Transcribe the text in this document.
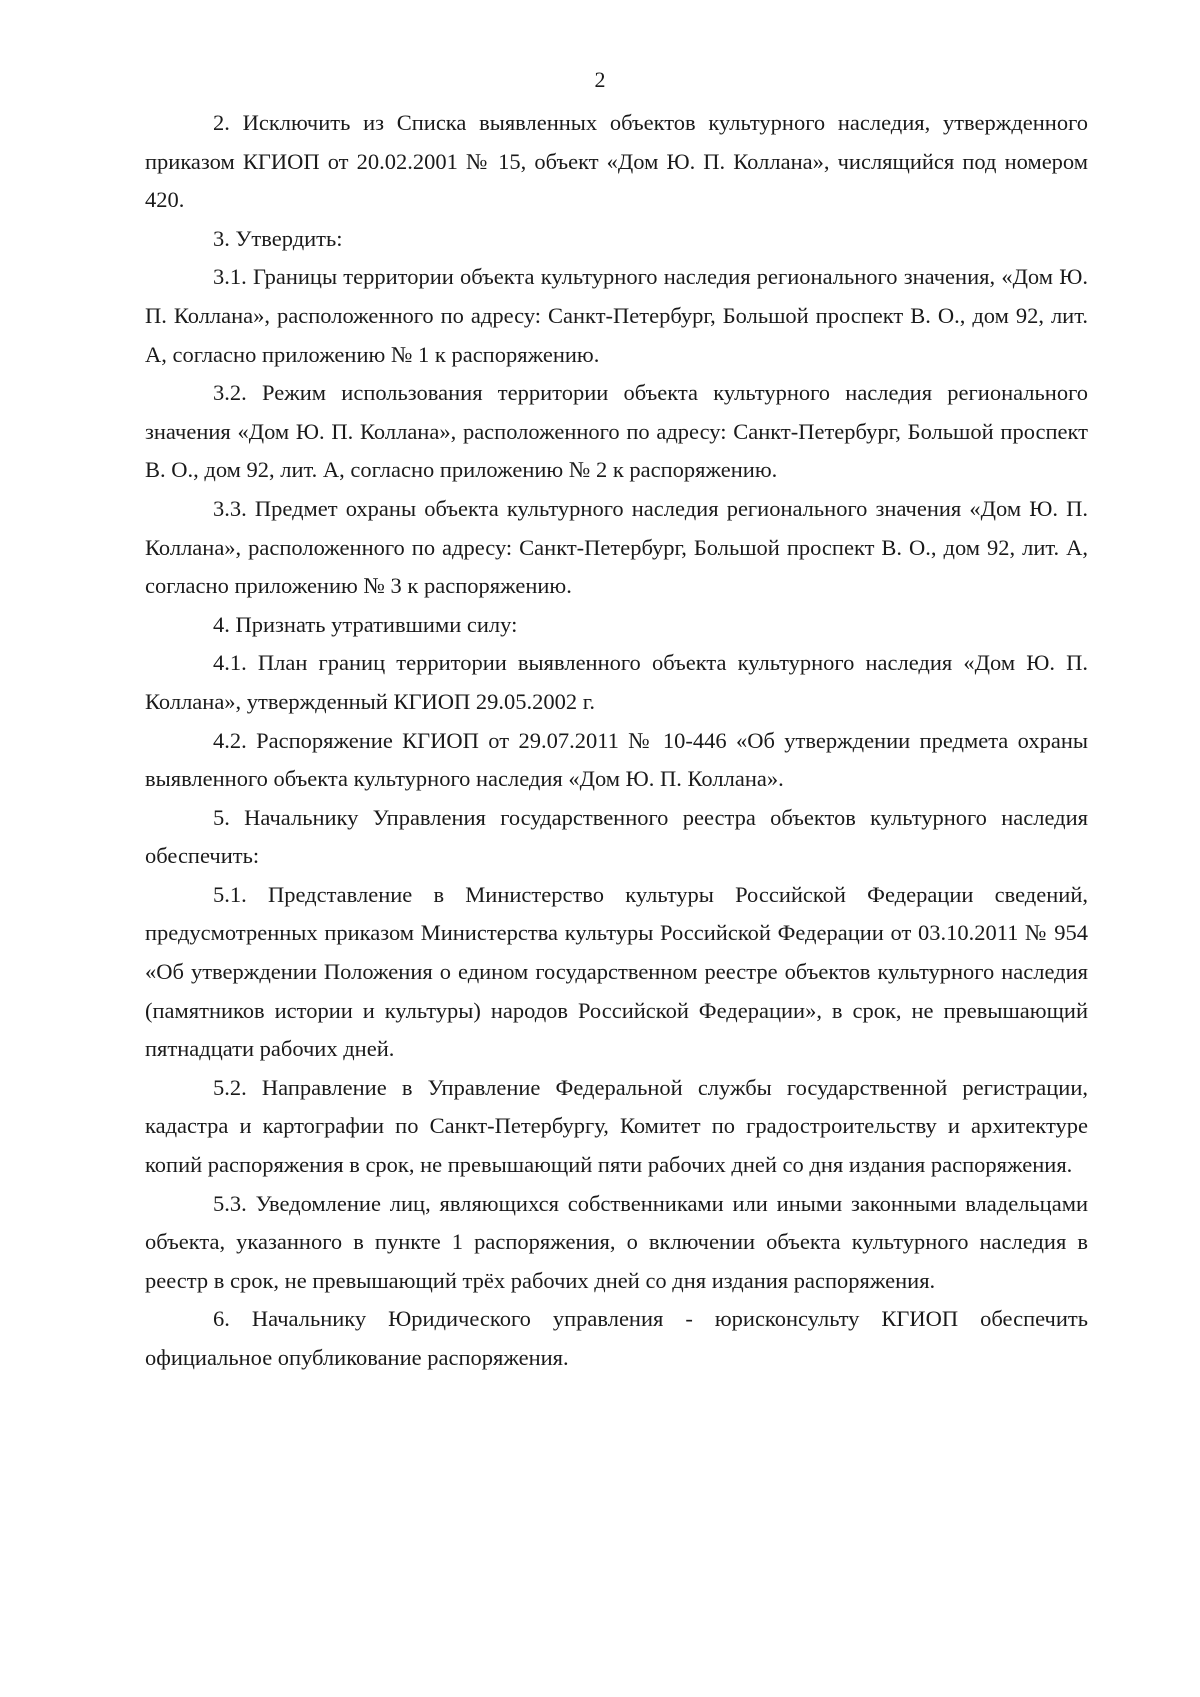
2

2. Исключить из Списка выявленных объектов культурного наследия, утвержденного приказом КГИОП от 20.02.2001 № 15, объект «Дом Ю. П. Коллана», числящийся под номером 420.

3. Утвердить:

3.1. Границы территории объекта культурного наследия регионального значения, «Дом Ю. П. Коллана», расположенного по адресу: Санкт-Петербург, Большой проспект В. О., дом 92, лит. А, согласно приложению № 1 к распоряжению.

3.2. Режим использования территории объекта культурного наследия регионального значения «Дом Ю. П. Коллана», расположенного по адресу: Санкт-Петербург, Большой проспект В. О., дом 92, лит. А, согласно приложению № 2 к распоряжению.

3.3. Предмет охраны объекта культурного наследия регионального значения «Дом Ю. П. Коллана», расположенного по адресу: Санкт-Петербург, Большой проспект В. О., дом 92, лит. А, согласно приложению № 3 к распоряжению.

4. Признать утратившими силу:

4.1. План границ территории выявленного объекта культурного наследия «Дом Ю. П. Коллана», утвержденный КГИОП 29.05.2002 г.

4.2. Распоряжение КГИОП от 29.07.2011 № 10-446 «Об утверждении предмета охраны выявленного объекта культурного наследия «Дом Ю. П. Коллана».

5. Начальнику Управления государственного реестра объектов культурного наследия обеспечить:

5.1. Представление в Министерство культуры Российской Федерации сведений, предусмотренных приказом Министерства культуры Российской Федерации от 03.10.2011 № 954 «Об утверждении Положения о едином государственном реестре объектов культурного наследия (памятников истории и культуры) народов Российской Федерации», в срок, не превышающий пятнадцати рабочих дней.

5.2. Направление в Управление Федеральной службы государственной регистрации, кадастра и картографии по Санкт-Петербургу, Комитет по градостроительству и архитектуре копий распоряжения в срок, не превышающий пяти рабочих дней со дня издания распоряжения.

5.3. Уведомление лиц, являющихся собственниками или иными законными владельцами объекта, указанного в пункте 1 распоряжения, о включении объекта культурного наследия в реестр в срок, не превышающий трёх рабочих дней со дня издания распоряжения.

6. Начальнику Юридического управления - юрисконсульту КГИОП обеспечить официальное опубликование распоряжения.
